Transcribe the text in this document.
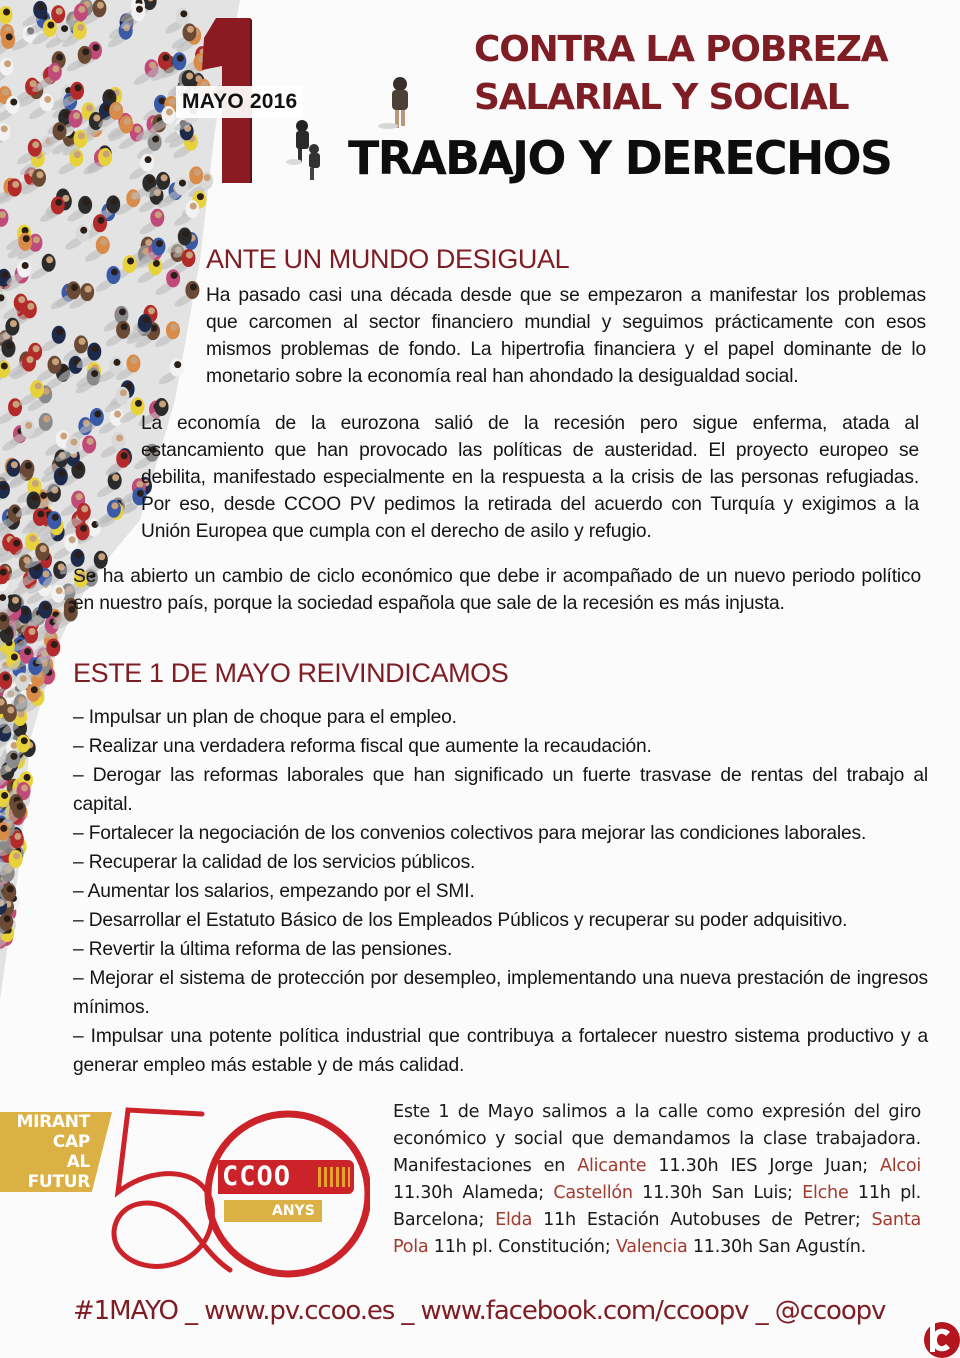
MAYO 2016
CONTRA LA POBREZA
SALARIAL Y SOCIAL
TRABAJO Y DERECHOS
ANTE UN MUNDO DESIGUAL

Ha pasado casi una década desde que se empezaron a manifestar los problemas que carcomen al sector financiero mundial y seguimos prácticamente con esos mismos problemas de fondo. La hipertrofia financiera y el papel dominante de lo monetario sobre la economía real han ahondado la desigualdad social.

La economía de la eurozona salió de la recesión pero sigue enferma, atada al estancamiento que han provocado las políticas de austeridad. El proyecto europeo se debilita, manifestado especialmente en la respuesta a la crisis de las personas refugiadas. Por eso, desde CCOO PV pedimos la retirada del acuerdo con Turquía y exigimos a la Unión Europea que cumpla con el derecho de asilo y refugio.

Se ha abierto un cambio de ciclo económico que debe ir acompañado de un nuevo periodo político en nuestro país, porque la sociedad española que sale de la recesión es más injusta.

ESTE 1 DE MAYO REIVINDICAMOS
– Impulsar un plan de choque para el empleo.
– Realizar una verdadera reforma fiscal que aumente la recaudación.
– Derogar las reformas laborales que han significado un fuerte trasvase de rentas del trabajo al capital.
– Fortalecer la negociación de los convenios colectivos para mejorar las condiciones laborales.
– Recuperar la calidad de los servicios públicos.
– Aumentar los salarios, empezando por el SMI.
– Desarrollar el Estatuto Básico de los Empleados Públicos y recuperar su poder adquisitivo.
– Revertir la última reforma de las pensiones.
– Mejorar el sistema de protección por desempleo, implementando una nueva prestación de ingresos mínimos.
– Impulsar una potente política industrial que contribuya a fortalecer nuestro sistema productivo y a generar empleo más estable y de más calidad.
MIRANT
CAP
AL
FUTUR	CCOO
ANYS
Este 1 de Mayo salimos a la calle como expresión del giro económico y social que demandamos la clase trabajadora. Manifestaciones en Alicante 11.30h IES Jorge Juan; Alcoi 11.30h Alameda; Castellón 11.30h San Luis; Elche 11h pl. Barcelona; Elda 11h Estación Autobuses de Petrer; Santa Pola 11h pl. Constitución; Valencia 11.30h San Agustín.
#1MAYO _ www.pv.ccoo.es _ www.facebook.com/ccoopv _ @ccoopv
